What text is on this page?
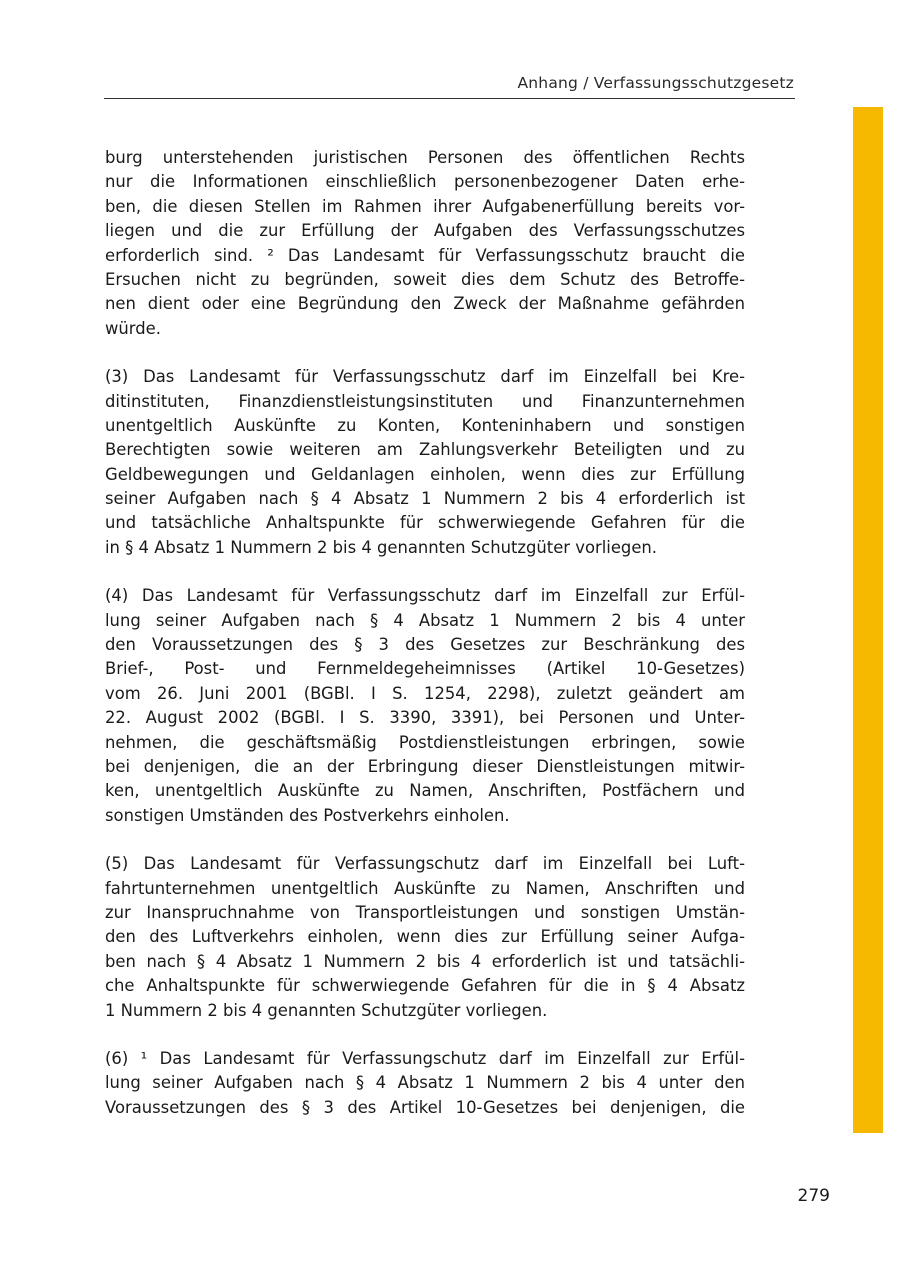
Anhang / Verfassungsschutzgesetz

burg unterstehenden juristischen Personen des öffentlichen Rechts
nur die Informationen einschließlich personenbezogener Daten erhe-
ben, die diesen Stellen im Rahmen ihrer Aufgabenerfüllung bereits vor-
liegen und die zur Erfüllung der Aufgaben des Verfassungsschutzes
erforderlich sind. ² Das Landesamt für Verfassungsschutz braucht die
Ersuchen nicht zu begründen, soweit dies dem Schutz des Betroffe-
nen dient oder eine Begründung den Zweck der Maßnahme gefährden
würde.

(3) Das Landesamt für Verfassungsschutz darf im Einzelfall bei Kre-
ditinstituten, Finanzdienstleistungsinstituten und Finanzunternehmen
unentgeltlich Auskünfte zu Konten, Konteninhabern und sonstigen
Berechtigten sowie weiteren am Zahlungsverkehr Beteiligten und zu
Geldbewegungen und Geldanlagen einholen, wenn dies zur Erfüllung
seiner Aufgaben nach § 4 Absatz 1 Nummern 2 bis 4 erforderlich ist
und tatsächliche Anhaltspunkte für schwerwiegende Gefahren für die
in § 4 Absatz 1 Nummern 2 bis 4 genannten Schutzgüter vorliegen.

(4) Das Landesamt für Verfassungsschutz darf im Einzelfall zur Erfül-
lung seiner Aufgaben nach § 4 Absatz 1 Nummern 2 bis 4 unter
den Voraussetzungen des § 3 des Gesetzes zur Beschränkung des
Brief-, Post- und Fernmeldegeheimnisses (Artikel 10-Gesetzes)
vom 26. Juni 2001 (BGBl. I S. 1254, 2298), zuletzt geändert am
22. August 2002 (BGBl. I S. 3390, 3391), bei Personen und Unter-
nehmen, die geschäftsmäßig Postdienstleistungen erbringen, sowie
bei denjenigen, die an der Erbringung dieser Dienstleistungen mitwir-
ken, unentgeltlich Auskünfte zu Namen, Anschriften, Postfächern und
sonstigen Umständen des Postverkehrs einholen.

(5) Das Landesamt für Verfassungschutz darf im Einzelfall bei Luft-
fahrtunternehmen unentgeltlich Auskünfte zu Namen, Anschriften und
zur Inanspruchnahme von Transportleistungen und sonstigen Umstän-
den des Luftverkehrs einholen, wenn dies zur Erfüllung seiner Aufga-
ben nach § 4 Absatz 1 Nummern 2 bis 4 erforderlich ist und tatsächli-
che Anhaltspunkte für schwerwiegende Gefahren für die in § 4 Absatz
1 Nummern 2 bis 4 genannten Schutzgüter vorliegen.

(6) ¹ Das Landesamt für Verfassungschutz darf im Einzelfall zur Erfül-
lung seiner Aufgaben nach § 4 Absatz 1 Nummern 2 bis 4 unter den
Voraussetzungen des § 3 des Artikel 10-Gesetzes bei denjenigen, die

279
